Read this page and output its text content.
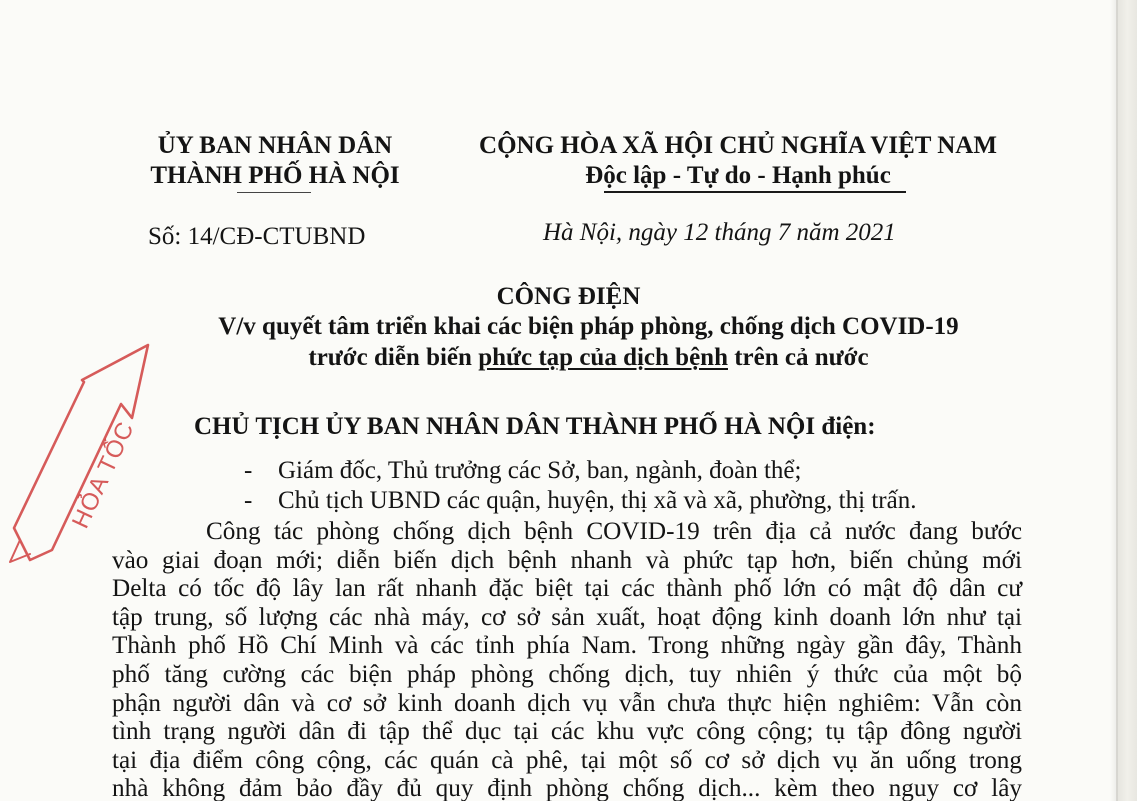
ỦY BAN NHÂN DÂN
THÀNH PHỐ HÀ NỘI
CỘNG HÒA XÃ HỘI CHỦ NGHĨA VIỆT NAM
Độc lập - Tự do - Hạnh phúc
Số: 14/CĐ-CTUBND	Hà Nội, ngày 12 tháng 7 năm 2021
CÔNG ĐIỆN
V/v quyết tâm triển khai các biện pháp phòng, chống dịch COVID-19
trước diễn biến phức tạp của dịch bệnh trên cả nước
CHỦ TỊCH ỦY BAN NHÂN DÂN THÀNH PHỐ HÀ NỘI điện:
- Giám đốc, Thủ trưởng các Sở, ban, ngành, đoàn thể;
- Chủ tịch UBND các quận, huyện, thị xã và xã, phường, thị trấn.
Công tác phòng chống dịch bệnh COVID-19 trên địa cả nước đang bước
vào giai đoạn mới; diễn biến dịch bệnh nhanh và phức tạp hơn, biến chủng mới
Delta có tốc độ lây lan rất nhanh đặc biệt tại các thành phố lớn có mật độ dân cư
tập trung, số lượng các nhà máy, cơ sở sản xuất, hoạt động kinh doanh lớn như tại
Thành phố Hồ Chí Minh và các tỉnh phía Nam. Trong những ngày gần đây, Thành
phố tăng cường các biện pháp phòng chống dịch, tuy nhiên ý thức của một bộ
phận người dân và cơ sở kinh doanh dịch vụ vẫn chưa thực hiện nghiêm: Vẫn còn
tình trạng người dân đi tập thể dục tại các khu vực công cộng; tụ tập đông người
tại địa điểm công cộng, các quán cà phê, tại một số cơ sở dịch vụ ăn uống trong
nhà không đảm bảo đầy đủ quy định phòng chống dịch... kèm theo nguy cơ lây
HỎA TỐC
